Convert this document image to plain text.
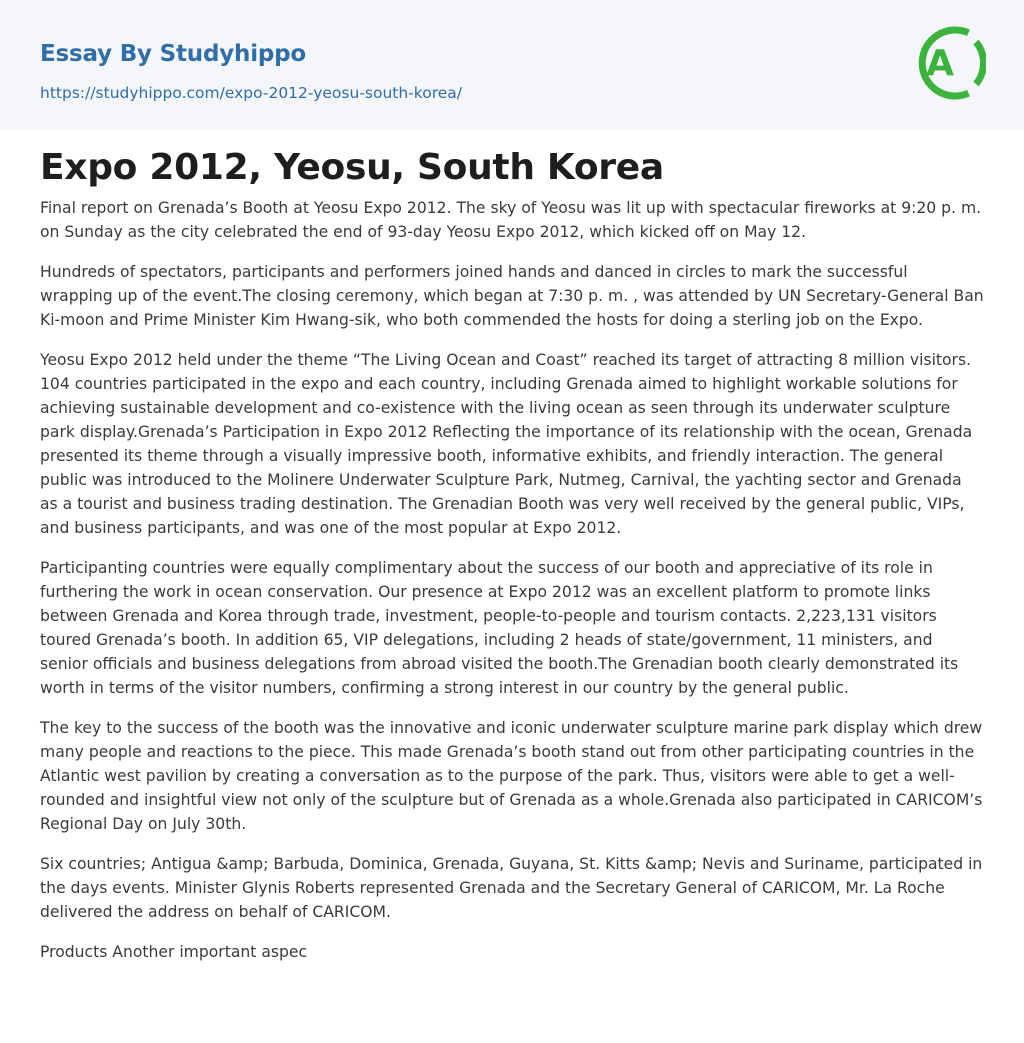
Essay By Studyhippo
https://studyhippo.com/expo-2012-yeosu-south-korea/
A
Expo 2012, Yeosu, South Korea

Final report on Grenada’s Booth at Yeosu Expo 2012. The sky of Yeosu was lit up with spectacular fireworks at 9:20 p. m. on Sunday as the city celebrated the end of 93-day Yeosu Expo 2012, which kicked off on May 12.

Hundreds of spectators, participants and performers joined hands and danced in circles to mark the successful wrapping up of the event.The closing ceremony, which began at 7:30 p. m. , was attended by UN Secretary-General Ban Ki-moon and Prime Minister Kim Hwang-sik, who both commended the hosts for doing a sterling job on the Expo.

Yeosu Expo 2012 held under the theme “The Living Ocean and Coast” reached its target of attracting 8 million visitors. 104 countries participated in the expo and each country, including Grenada aimed to highlight workable solutions for achieving sustainable development and co-existence with the living ocean as seen through its underwater sculpture park display.Grenada’s Participation in Expo 2012 Reflecting the importance of its relationship with the ocean, Grenada presented its theme through a visually impressive booth, informative exhibits, and friendly interaction. The general public was introduced to the Molinere Underwater Sculpture Park, Nutmeg, Carnival, the yachting sector and Grenada as a tourist and business trading destination. The Grenadian Booth was very well received by the general public, VIPs, and business participants, and was one of the most popular at Expo 2012.

Participanting countries were equally complimentary about the success of our booth and appreciative of its role in furthering the work in ocean conservation. Our presence at Expo 2012 was an excellent platform to promote links between Grenada and Korea through trade, investment, people-to-people and tourism contacts. 2,223,131 visitors toured Grenada’s booth. In addition 65, VIP delegations, including 2 heads of state/government, 11 ministers, and senior officials and business delegations from abroad visited the booth.The Grenadian booth clearly demonstrated its worth in terms of the visitor numbers, confirming a strong interest in our country by the general public.

The key to the success of the booth was the innovative and iconic underwater sculpture marine park display which drew many people and reactions to the piece. This made Grenada’s booth stand out from other participating countries in the Atlantic west pavilion by creating a conversation as to the purpose of the park. Thus, visitors were able to get a well-rounded and insightful view not only of the sculpture but of Grenada as a whole.Grenada also participated in CARICOM’s Regional Day on July 30th.

Six countries; Antigua &amp; Barbuda, Dominica, Grenada, Guyana, St. Kitts &amp; Nevis and Suriname, participated in the days events. Minister Glynis Roberts represented Grenada and the Secretary General of CARICOM, Mr. La Roche delivered the address on behalf of CARICOM.

Products Another important aspec
